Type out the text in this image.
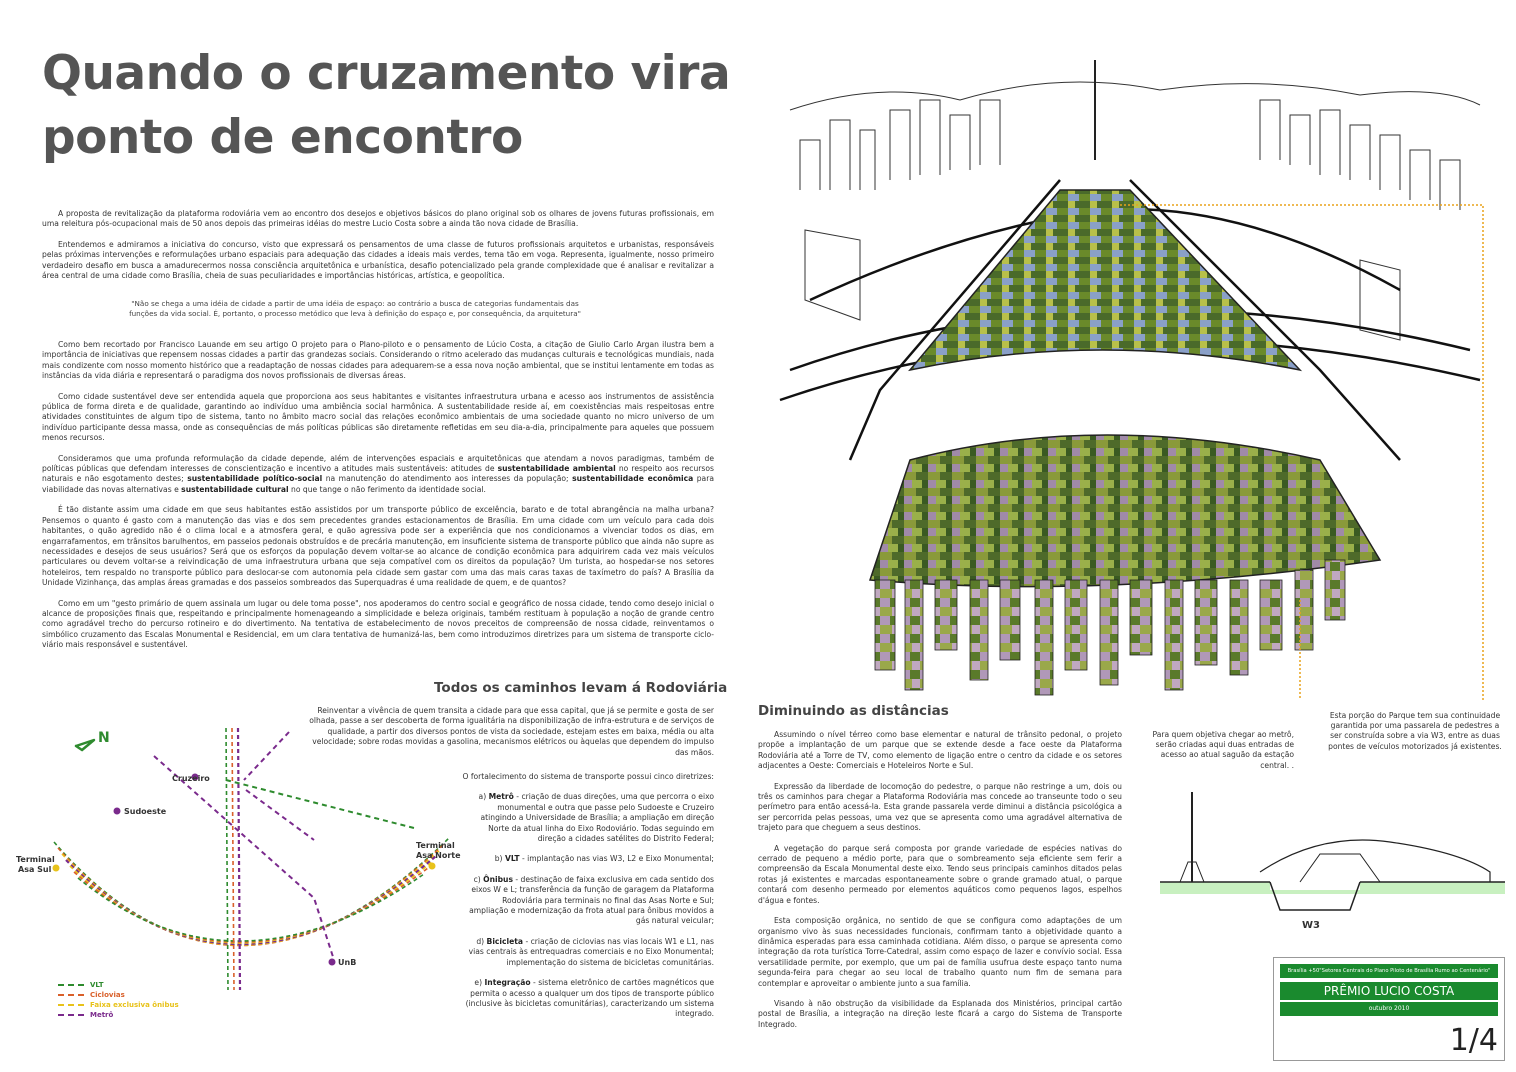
Quando o cruzamento vira
ponto de encontro

A proposta de revitalização da plataforma rodoviária vem ao encontro dos desejos e objetivos básicos do plano original sob os olhares de jovens futuras profissionais, em uma releitura pós-ocupacional mais de 50 anos depois das primeiras idéias do mestre Lucio Costa sobre a ainda tão nova cidade de Brasília.

Entendemos e admiramos a iniciativa do concurso, visto que expressará os pensamentos de uma classe de futuros profissionais arquitetos e urbanistas, responsáveis pelas próximas intervenções e reformulações urbano espaciais para adequação das cidades a ideais mais verdes, tema tão em voga. Representa, igualmente, nosso primeiro verdadeiro desafio em busca a amadurecermos nossa consciência arquitetônica e urbanística, desafio potencializado pela grande complexidade que é analisar e revitalizar a área central de uma cidade como Brasília, cheia de suas peculiaridades e importâncias históricas, artística, e geopolítica.

"Não se chega a uma idéia de cidade a partir de uma idéia de espaço: ao contrário a busca de categorias fundamentais das funções da vida social. É, portanto, o processo metódico que leva à definição do espaço e, por consequência, da arquitetura"

Como bem recortado por Francisco Lauande em seu artigo O projeto para o Plano-piloto e o pensamento de Lúcio Costa, a citação de Giulio Carlo Argan ilustra bem a importância de iniciativas que repensem nossas cidades a partir das grandezas sociais. Considerando o ritmo acelerado das mudanças culturais e tecnológicas mundiais, nada mais condizente com nosso momento histórico que a readaptação de nossas cidades para adequarem-se a essa nova noção ambiental, que se institui lentamente em todas as instâncias da vida diária e representará o paradigma dos novos profissionais de diversas áreas.

Como cidade sustentável deve ser entendida aquela que proporciona aos seus habitantes e visitantes infraestrutura urbana e acesso aos instrumentos de assistência pública de forma direta e de qualidade, garantindo ao indivíduo uma ambiência social harmônica. A sustentabilidade reside aí, em coexistências mais respeitosas entre atividades constituintes de algum tipo de sistema, tanto no âmbito macro social das relações econômico ambientais de uma sociedade quanto no micro universo de um indivíduo participante dessa massa, onde as consequências de más políticas públicas são diretamente refletidas em seu dia-a-dia, principalmente para aqueles que possuem menos recursos.

Consideramos que uma profunda reformulação da cidade depende, além de intervenções espaciais e arquitetônicas que atendam a novos paradigmas, também de políticas públicas que defendam interesses de conscientização e incentivo a atitudes mais sustentáveis: atitudes de sustentabilidade ambiental no respeito aos recursos naturais e não esgotamento destes; sustentabilidade político-social na manutenção do atendimento aos interesses da população; sustentabilidade econômica para viabilidade das novas alternativas e sustentabilidade cultural no que tange o não ferimento da identidade social.

É tão distante assim uma cidade em que seus habitantes estão assistidos por um transporte público de excelência, barato e de total abrangência na malha urbana? Pensemos o quanto é gasto com a manutenção das vias e dos sem precedentes grandes estacionamentos de Brasília. Em uma cidade com um veículo para cada dois habitantes, o quão agredido não é o clima local e a atmosfera geral, e quão agressiva pode ser a experiência que nos condicionamos a vivenciar todos os dias, em engarrafamentos, em trânsitos barulhentos, em passeios pedonais obstruídos e de precária manutenção, em insuficiente sistema de transporte público que ainda não supre as necessidades e desejos de seus usuários? Será que os esforços da população devem voltar-se ao alcance de condição econômica para adquirirem cada vez mais veículos particulares ou devem voltar-se a reivindicação de uma infraestrutura urbana que seja compatível com os direitos da população? Um turista, ao hospedar-se nos setores hoteleiros, tem respaldo no transporte público para deslocar-se com autonomia pela cidade sem gastar com uma das mais caras taxas de taxímetro do país? A Brasília da Unidade Vizinhança, das amplas áreas gramadas e dos passeios sombreados das Superquadras é uma realidade de quem, e de quantos?

Como em um "gesto primário de quem assinala um lugar ou dele toma posse", nos apoderamos do centro social e geográfico de nossa cidade, tendo como desejo inicial o alcance de proposições finais que, respeitando e principalmente homenageando a simplicidade e beleza originais, também restituam à população a noção de grande centro como agradável trecho do percurso rotineiro e do divertimento. Na tentativa de estabelecimento de novos preceitos de compreensão de nossa cidade, reinventamos o simbólico cruzamento das Escalas Monumental e Residencial, em um clara tentativa de humanizá-las, bem como introduzimos diretrizes para um sistema de transporte ciclo-viário mais responsável e sustentável.

Todos os caminhos levam á Rodoviária

Reinventar a vivência de quem transita a cidade para que essa capital, que já se permite e gosta de ser olhada, passe a ser descoberta de forma igualitária na disponibilização de infra-estrutura e de serviços de qualidade, a partir dos diversos pontos de vista da sociedade, estejam estes em baixa, média ou alta velocidade; sobre rodas movidas a gasolina, mecanismos elétricos ou àquelas que dependem do impulso das mãos.

O fortalecimento do sistema de transporte possui cinco diretrizes:

a) Metrô - criação de duas direções, uma que percorra o eixo monumental e outra que passe pelo Sudoeste e Cruzeiro atingindo a Universidade de Brasília; a ampliação em direção Norte da atual linha do Eixo Rodoviário. Todas seguindo em direção a cidades satélites do Distrito Federal;

b) VLT - implantação nas vias W3, L2 e Eixo Monumental;

c) Ônibus - destinação de faixa exclusiva em cada sentido dos eixos W e L; transferência da função de garagem da Plataforma Rodoviária para terminais no final das Asas Norte e Sul; ampliação e modernização da frota atual para ônibus movidos a gás natural veicular;

d) Bicicleta - criação de ciclovias nas vias locais W1 e L1, nas vias centrais às entrequadras comerciais e no Eixo Monumental; implementação do sistema de bicicletas comunitárias.

e) Integração - sistema eletrônico de cartões magnéticos que permita o acesso a qualquer um dos tipos de transporte público (inclusive às bicicletas comunitárias), caracterizando um sistema integrado.

N
Cruzeiro
Sudoeste
Terminal Asa Sul
Terminal Asa Norte
UnB
VLT
Ciclovias
Faixa exclusiva ônibus
Metrô
Diminuindo as distâncias

Assumindo o nível térreo como base elementar e natural de trânsito pedonal, o projeto propõe a implantação de um parque que se extende desde a face oeste da Plataforma Rodoviária até a Torre de TV, como elemento de ligação entre o centro da cidade e os setores adjacentes a Oeste: Comerciais e Hoteleiros Norte e Sul.

Expressão da liberdade de locomoção do pedestre, o parque não restringe a um, dois ou três os caminhos para chegar a Plataforma Rodoviária mas concede ao transeunte todo o seu perímetro para então acessá-la. Esta grande passarela verde diminui a distância psicológica a ser percorrida pelas pessoas, uma vez que se apresenta como uma agradável alternativa de trajeto para que cheguem a seus destinos.

A vegetação do parque será composta por grande variedade de espécies nativas do cerrado de pequeno a médio porte, para que o sombreamento seja eficiente sem ferir a compreensão da Escala Monumental deste eixo. Tendo seus principais caminhos ditados pelas rotas já existentes e marcadas espontaneamente sobre o grande gramado atual, o parque contará com desenho permeado por elementos aquáticos como pequenos lagos, espelhos d'água e fontes.

Esta composição orgânica, no sentido de que se configura como adaptações de um organismo vivo às suas necessidades funcionais, confirmam tanto a objetividade quanto a dinâmica esperadas para essa caminhada cotidiana. Além disso, o parque se apresenta como integração da rota turística Torre-Catedral, assim como espaço de lazer e convívio social. Essa versatilidade permite, por exemplo, que um pai de família usufrua deste espaço tanto numa segunda-feira para chegar ao seu local de trabalho quanto num fim de semana para contemplar e aproveitar o ambiente junto a sua família.

Visando à não obstrução da visibilidade da Esplanada dos Ministérios, principal cartão postal de Brasília, a integração na direção leste ficará a cargo do Sistema de Transporte Integrado.

Para quem objetiva chegar ao metrô, serão criadas aqui duas entradas de acesso ao atual saguão da estação central. .
Esta porção do Parque tem sua continuidade garantida por uma passarela de pedestres a ser construída sobre a via W3, entre as duas pontes de veículos motorizados já existentes.
W3
Brasília +50"Setores Centrais do Plano Piloto de Brasília Rumo ao Centenário"
PRÊMIO LUCIO COSTA
outubro 2010
1/4
